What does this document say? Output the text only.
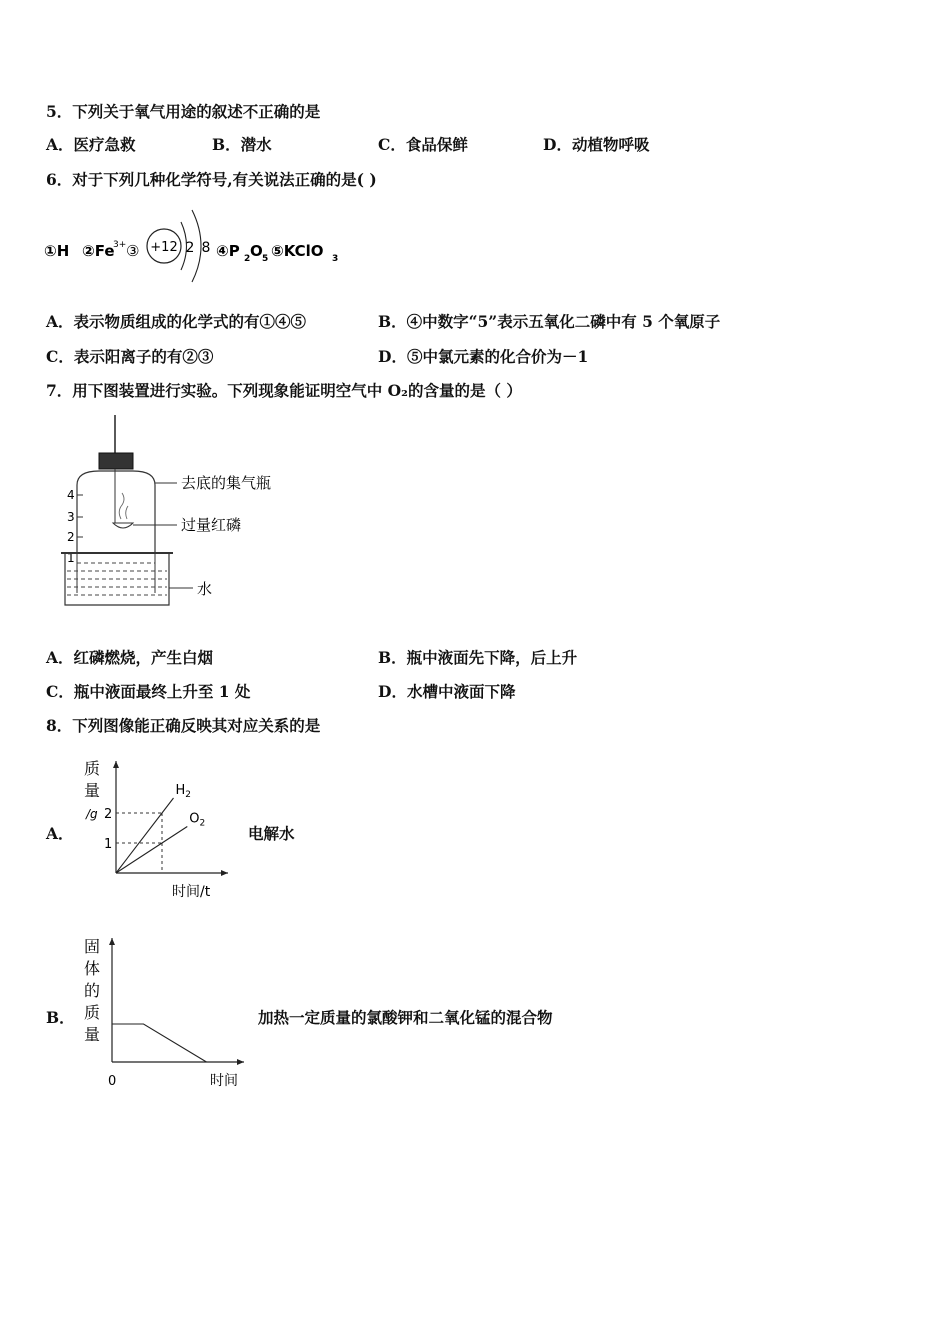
5．下列关于氧气用途的叙述不正确的是
A．医疗急救	B．潜水	C．食品保鲜	D．动植物呼吸
6．对于下列几种化学符号,有关说法正确的是( )
①H ②Fe
3+ ③ +12 2 8 ④P 2 O 5 ⑤KClO 3
A．表示物质组成的化学式的有①④⑤	B．④中数字“5”表示五氧化二磷中有 5 个氧原子
C．表示阳离子的有②③	D．⑤中氯元素的化合价为－1
7．用下图装置进行实验。下列现象能证明空气中 O₂的含量的是（ ）
4
3
2
1
去底的集气瓶
过量红磷
水
A．红磷燃烧，产生白烟	B．瓶中液面先下降，后上升
C．瓶中液面最终上升至 1 处	D．水槽中液面下降
8．下列图像能正确反映其对应关系的是
A．
质
量
/g 2
1
$H_2$
$O_2$
时间/t
电解水
B．
固
体
的
质
量
0	时间
加热一定质量的氯酸钾和二氧化锰的混合物
